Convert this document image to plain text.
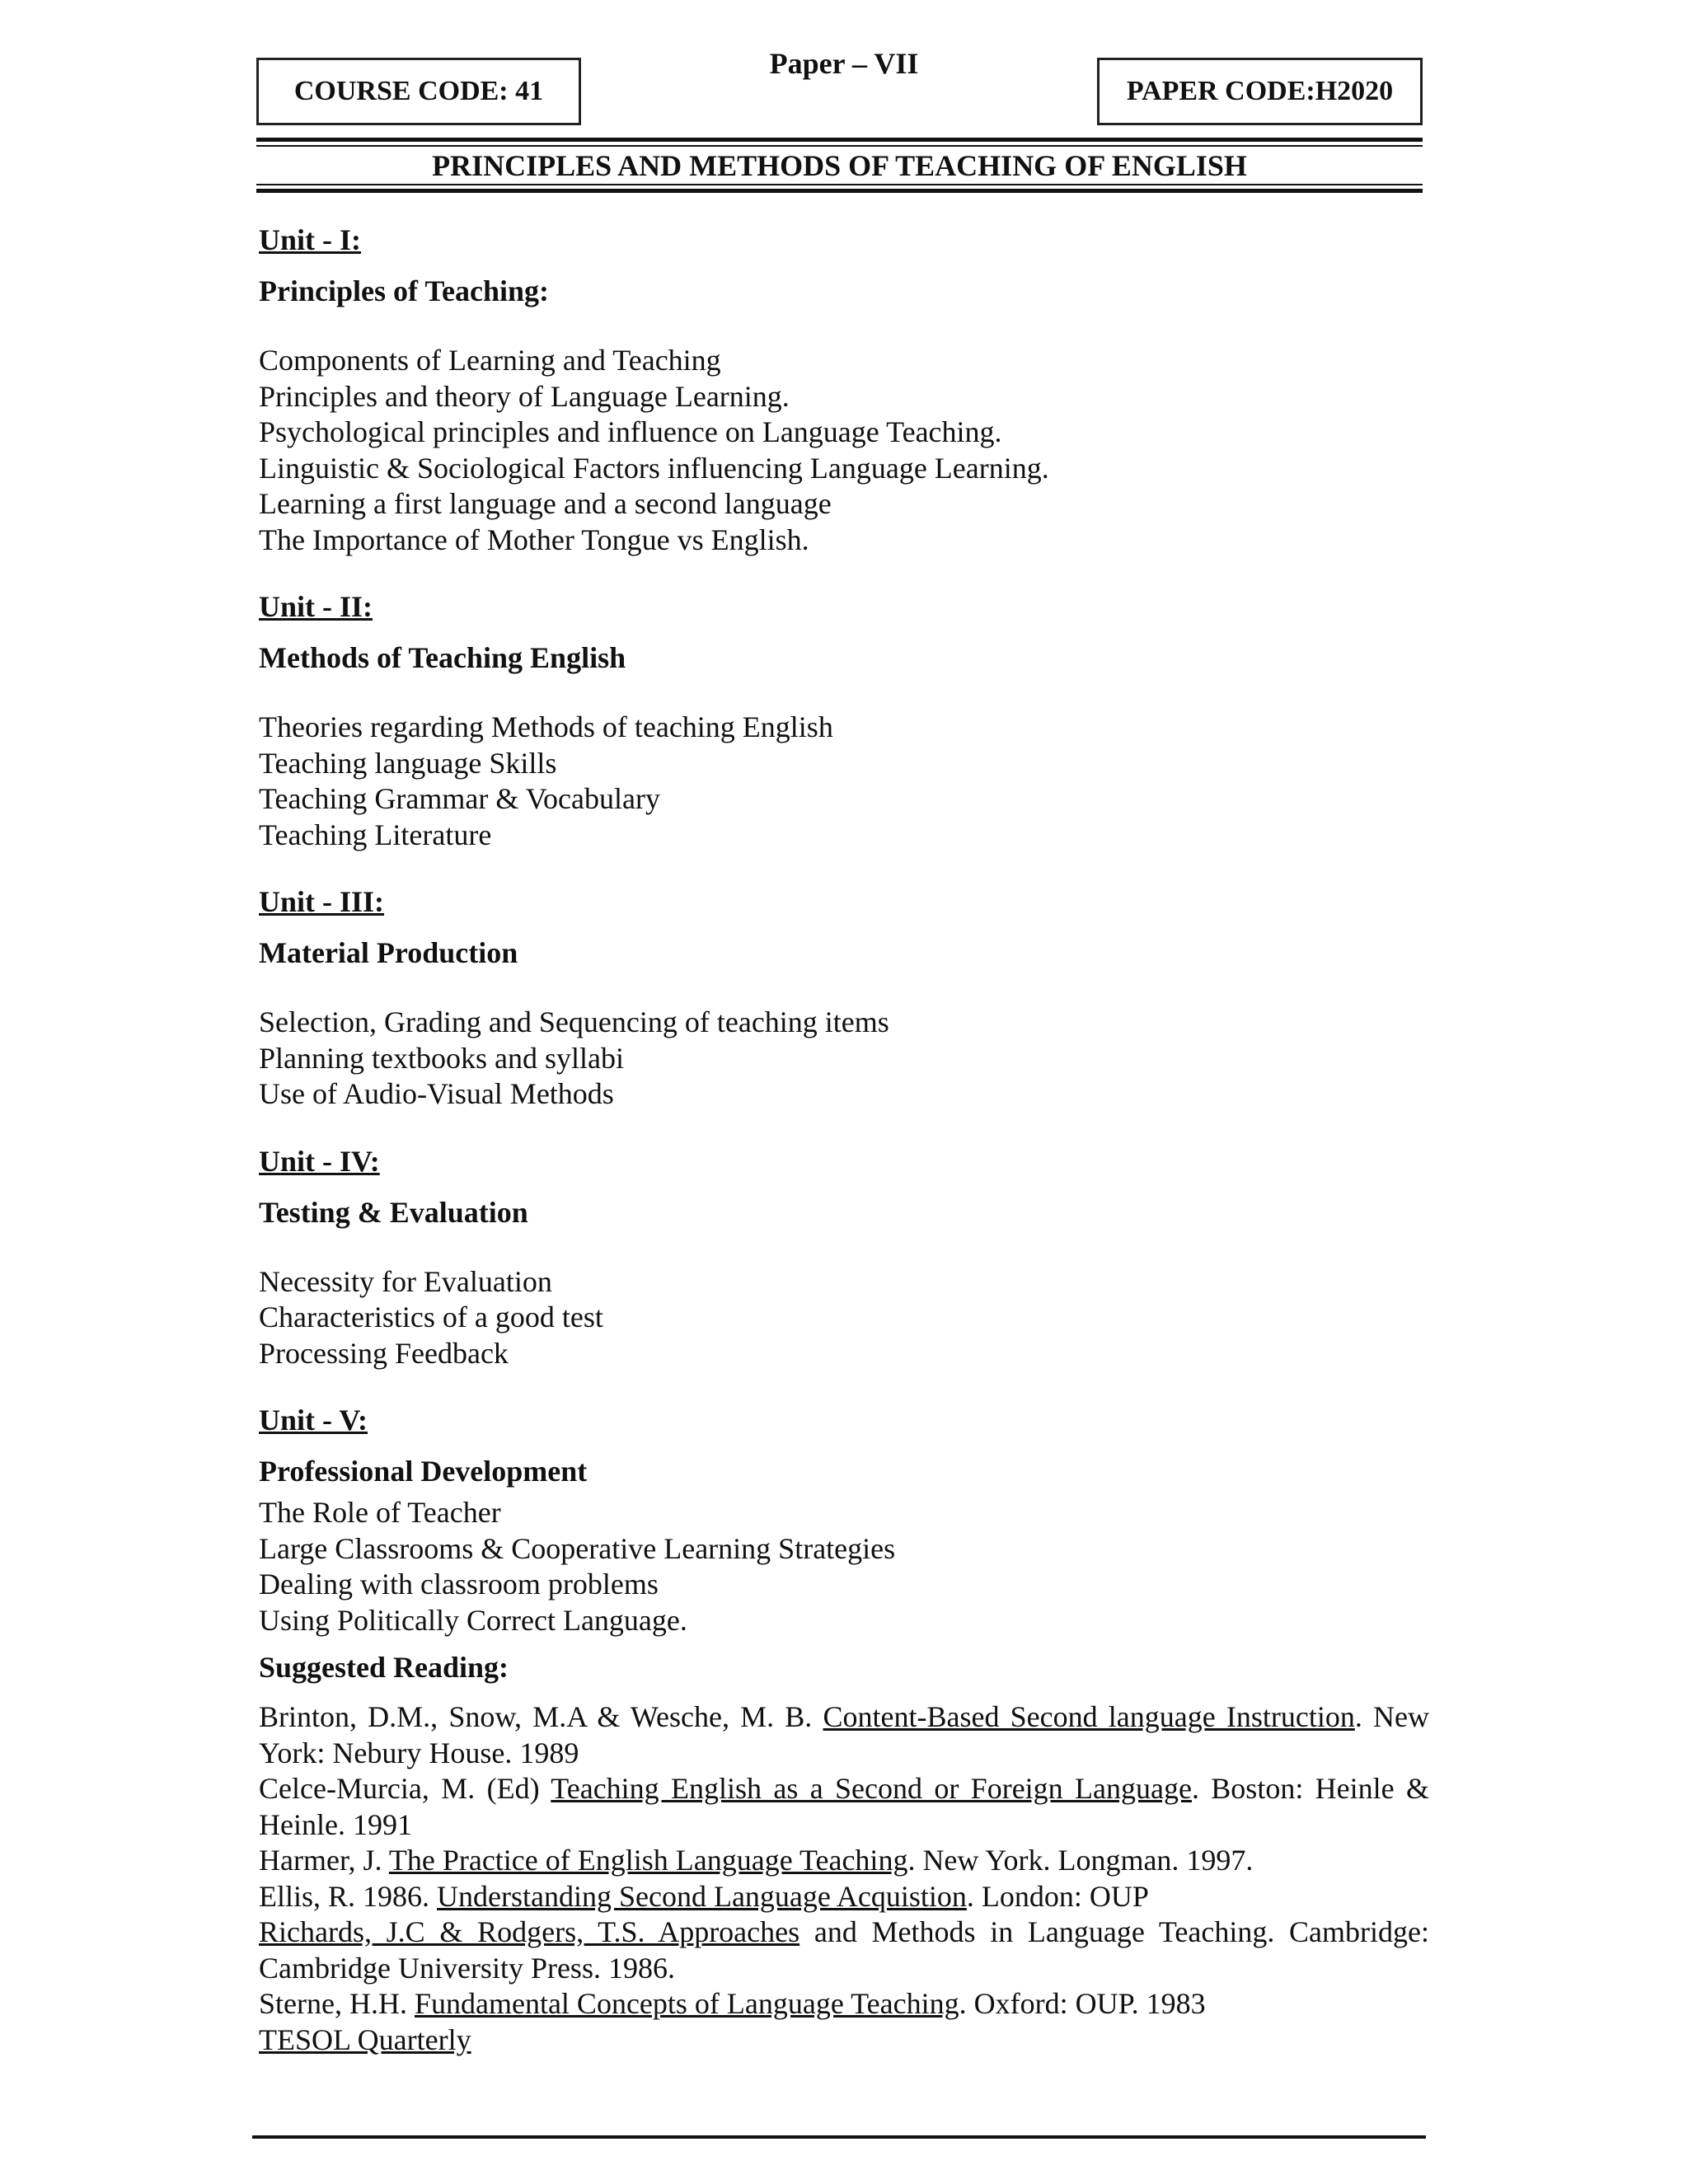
COURSE CODE: 41
Paper – VII
PAPER CODE:H2020
PRINCIPLES AND METHODS OF TEACHING OF ENGLISH
Unit - I:
Principles of Teaching:
Components of Learning and Teaching
Principles and theory of Language Learning.
Psychological principles and influence on Language Teaching.
Linguistic & Sociological Factors influencing Language Learning.
Learning a first language and a second language
The Importance of Mother Tongue vs English.
Unit - II:
Methods of Teaching English
Theories regarding Methods of teaching English
Teaching language Skills
Teaching Grammar & Vocabulary
Teaching Literature
Unit - III:
Material Production
Selection, Grading and Sequencing of teaching items
Planning textbooks and syllabi
Use of Audio-Visual Methods
Unit - IV:
Testing & Evaluation
Necessity for Evaluation
Characteristics of a good test
Processing Feedback
Unit - V:
Professional Development
The Role of Teacher
Large Classrooms & Cooperative Learning Strategies
Dealing with classroom problems
Using Politically Correct Language.
Suggested Reading:
Brinton, D.M., Snow, M.A & Wesche, M. B. Content-Based Second language Instruction. New York: Nebury House. 1989
Celce-Murcia, M. (Ed) Teaching English as a Second or Foreign Language. Boston: Heinle & Heinle. 1991
Harmer, J. The Practice of English Language Teaching. New York. Longman. 1997.
Ellis, R. 1986. Understanding Second Language Acquistion. London: OUP
Richards, J.C & Rodgers, T.S. Approaches and Methods in Language Teaching. Cambridge: Cambridge University Press. 1986.
Sterne, H.H. Fundamental Concepts of Language Teaching. Oxford: OUP. 1983
TESOL Quarterly
